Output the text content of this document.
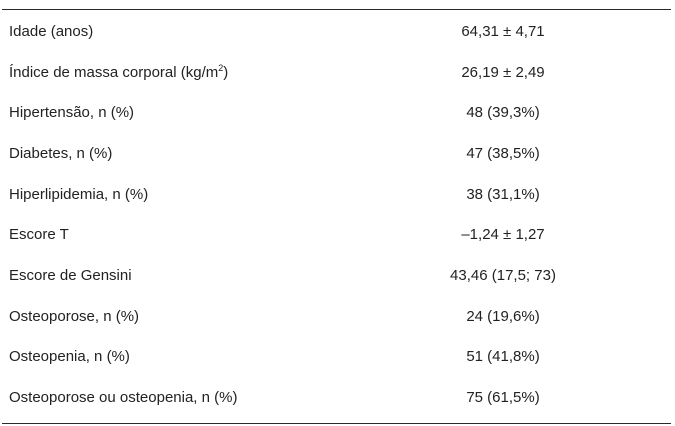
Idade (anos)	64,31 ± 4,71
Índice de massa corporal $(kg/m^2)$	26,19 ± 2,49
Hipertensão, n (%)	48 (39,3%)
Diabetes, n (%)	47 (38,5%)
Hiperlipidemia, n (%)	38 (31,1%)
Escore T	–1,24 ± 1,27
Escore de Gensini	43,46 (17,5; 73)
Osteoporose, n (%)	24 (19,6%)
Osteopenia, n (%)	51 (41,8%)
Osteoporose ou osteopenia, n (%)	75 (61,5%)
